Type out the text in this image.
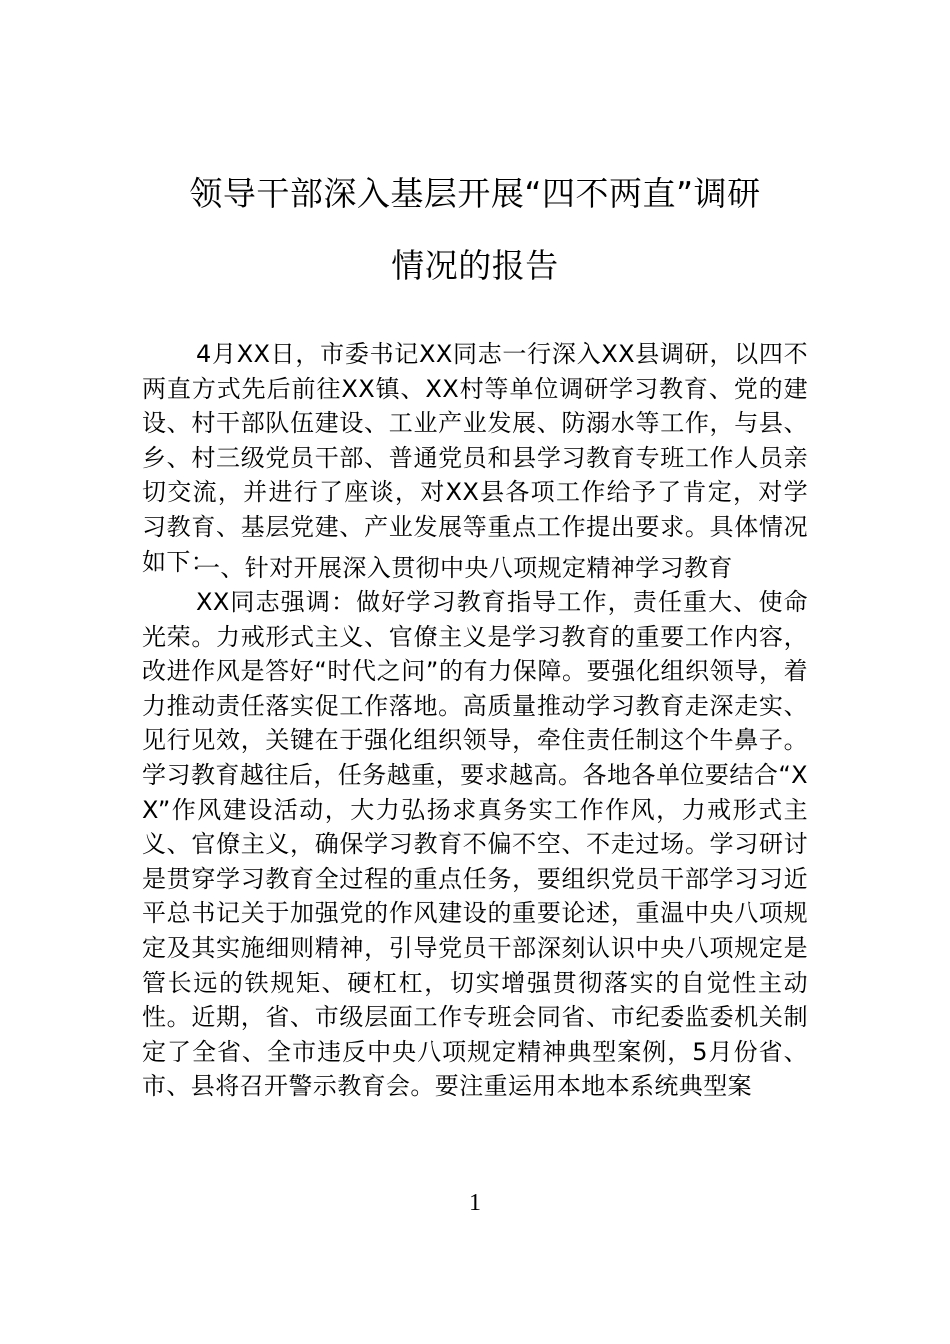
领导干部深入基层开展“四不两直”调研
情况的报告

4月XX日，市委书记XX同志一行深入XX县调研，以四不两直方式先后前往XX镇、XX村等单位调研学习教育、党的建设、村干部队伍建设、工业产业发展、防溺水等工作，与县、乡、村三级党员干部、普通党员和县学习教育专班工作人员亲切交流，并进行了座谈，对XX县各项工作给予了肯定，对学习教育、基层党建、产业发展等重点工作提出要求。具体情况如下：

一、针对开展深入贯彻中央八项规定精神学习教育

XX同志强调：做好学习教育指导工作，责任重大、使命光荣。力戒形式主义、官僚主义是学习教育的重要工作内容，改进作风是答好“时代之问”的有力保障。要强化组织领导，着力推动责任落实促工作落地。高质量推动学习教育走深走实、见行见效，关键在于强化组织领导，牵住责任制这个牛鼻子。学习教育越往后，任务越重，要求越高。各地各单位要结合“XX”作风建设活动，大力弘扬求真务实工作作风，力戒形式主义、官僚主义，确保学习教育不偏不空、不走过场。学习研讨是贯穿学习教育全过程的重点任务，要组织党员干部学习习近平总书记关于加强党的作风建设的重要论述，重温中央八项规定及其实施细则精神，引导党员干部深刻认识中央八项规定是管长远的铁规矩、硬杠杠，切实增强贯彻落实的自觉性主动性。近期，省、市级层面工作专班会同省、市纪委监委机关制定了全省、全市违反中央八项规定精神典型案例，5月份省、市、县将召开警示教育会。要注重运用本地本系统典型案

1
